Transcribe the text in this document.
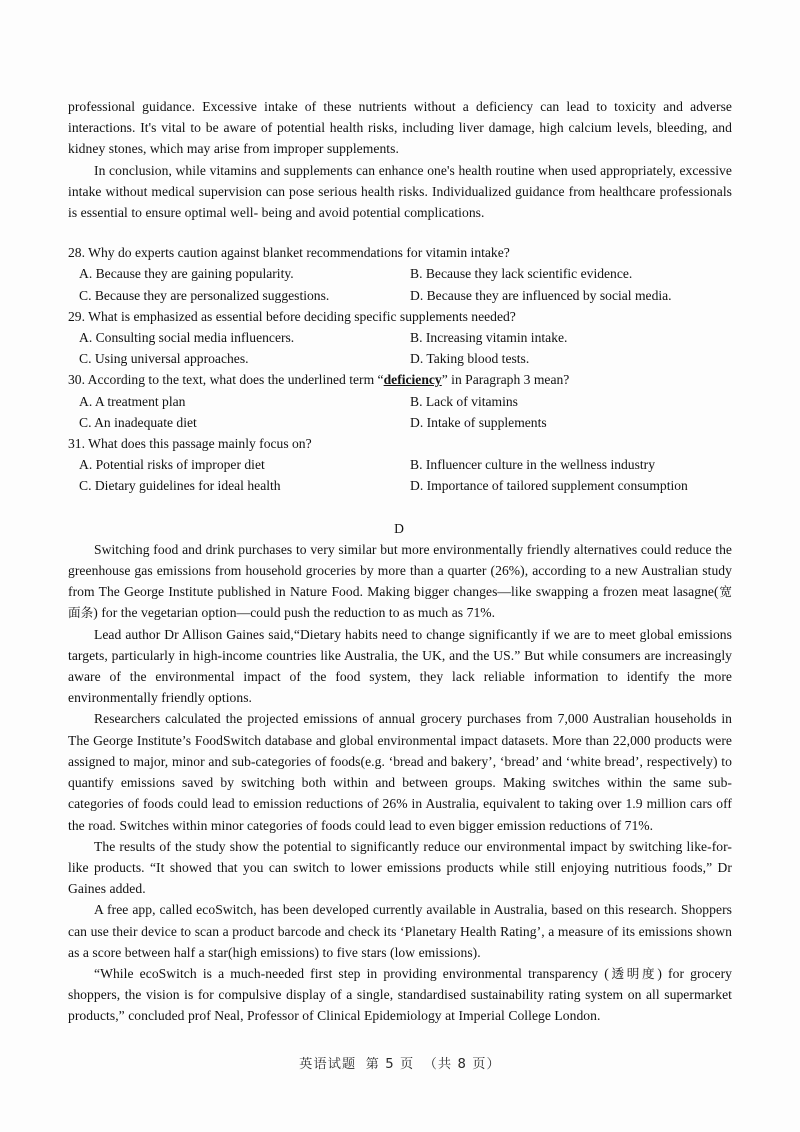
professional guidance. Excessive intake of these nutrients without a deficiency can lead to toxicity and adverse interactions. It's vital to be aware of potential health risks, including liver damage, high calcium levels, bleeding, and kidney stones, which may arise from improper supplements.

In conclusion, while vitamins and supplements can enhance one's health routine when used appropriately, excessive intake without medical supervision can pose serious health risks. Individualized guidance from healthcare professionals is essential to ensure optimal well- being and avoid potential complications.

28. Why do experts caution against blanket recommendations for vitamin intake?

A. Because they are gaining popularity.	B. Because they lack scientific evidence.
C. Because they are personalized suggestions.	D. Because they are influenced by social media.

29. What is emphasized as essential before deciding specific supplements needed?

A. Consulting social media influencers.	B. Increasing vitamin intake.
C. Using universal approaches.	D. Taking blood tests.

30. According to the text, what does the underlined term “deficiency” in Paragraph 3 mean?

A. A treatment plan	B. Lack of vitamins
C. An inadequate diet	D. Intake of supplements

31. What does this passage mainly focus on?

A. Potential risks of improper diet	B. Influencer culture in the wellness industry
C. Dietary guidelines for ideal health	D. Importance of tailored supplement consumption

D

Switching food and drink purchases to very similar but more environmentally friendly alternatives could reduce the greenhouse gas emissions from household groceries by more than a quarter (26%), according to a new Australian study from The George Institute published in Nature Food. Making bigger changes—like swapping a frozen meat lasagne(宽面条) for the vegetarian option—could push the reduction to as much as 71%.

Lead author Dr Allison Gaines said,“Dietary habits need to change significantly if we are to meet global emissions targets, particularly in high-income countries like Australia, the UK, and the US.” But while consumers are increasingly aware of the environmental impact of the food system, they lack reliable information to identify the more environmentally friendly options.

Researchers calculated the projected emissions of annual grocery purchases from 7,000 Australian households in The George Institute’s FoodSwitch database and global environmental impact datasets. More than 22,000 products were assigned to major, minor and sub-categories of foods(e.g. ‘bread and bakery’, ‘bread’ and ‘white bread’, respectively) to quantify emissions saved by switching both within and between groups. Making switches within the same sub-categories of foods could lead to emission reductions of 26% in Australia, equivalent to taking over 1.9 million cars off the road. Switches within minor categories of foods could lead to even bigger emission reductions of 71%.

The results of the study show the potential to significantly reduce our environmental impact by switching like-for-like products. “It showed that you can switch to lower emissions products while still enjoying nutritious foods,” Dr Gaines added.

A free app, called ecoSwitch, has been developed currently available in Australia, based on this research. Shoppers can use their device to scan a product barcode and check its ‘Planetary Health Rating’, a measure of its emissions shown as a score between half a star(high emissions) to five stars (low emissions).

“While ecoSwitch is a much-needed first step in providing environmental transparency (透明度) for grocery shoppers, the vision is for compulsive display of a single, standardised sustainability rating system on all supermarket products,” concluded prof Neal, Professor of Clinical Epidemiology at Imperial College London.

英语试题 第 5 页 （共 8 页）
